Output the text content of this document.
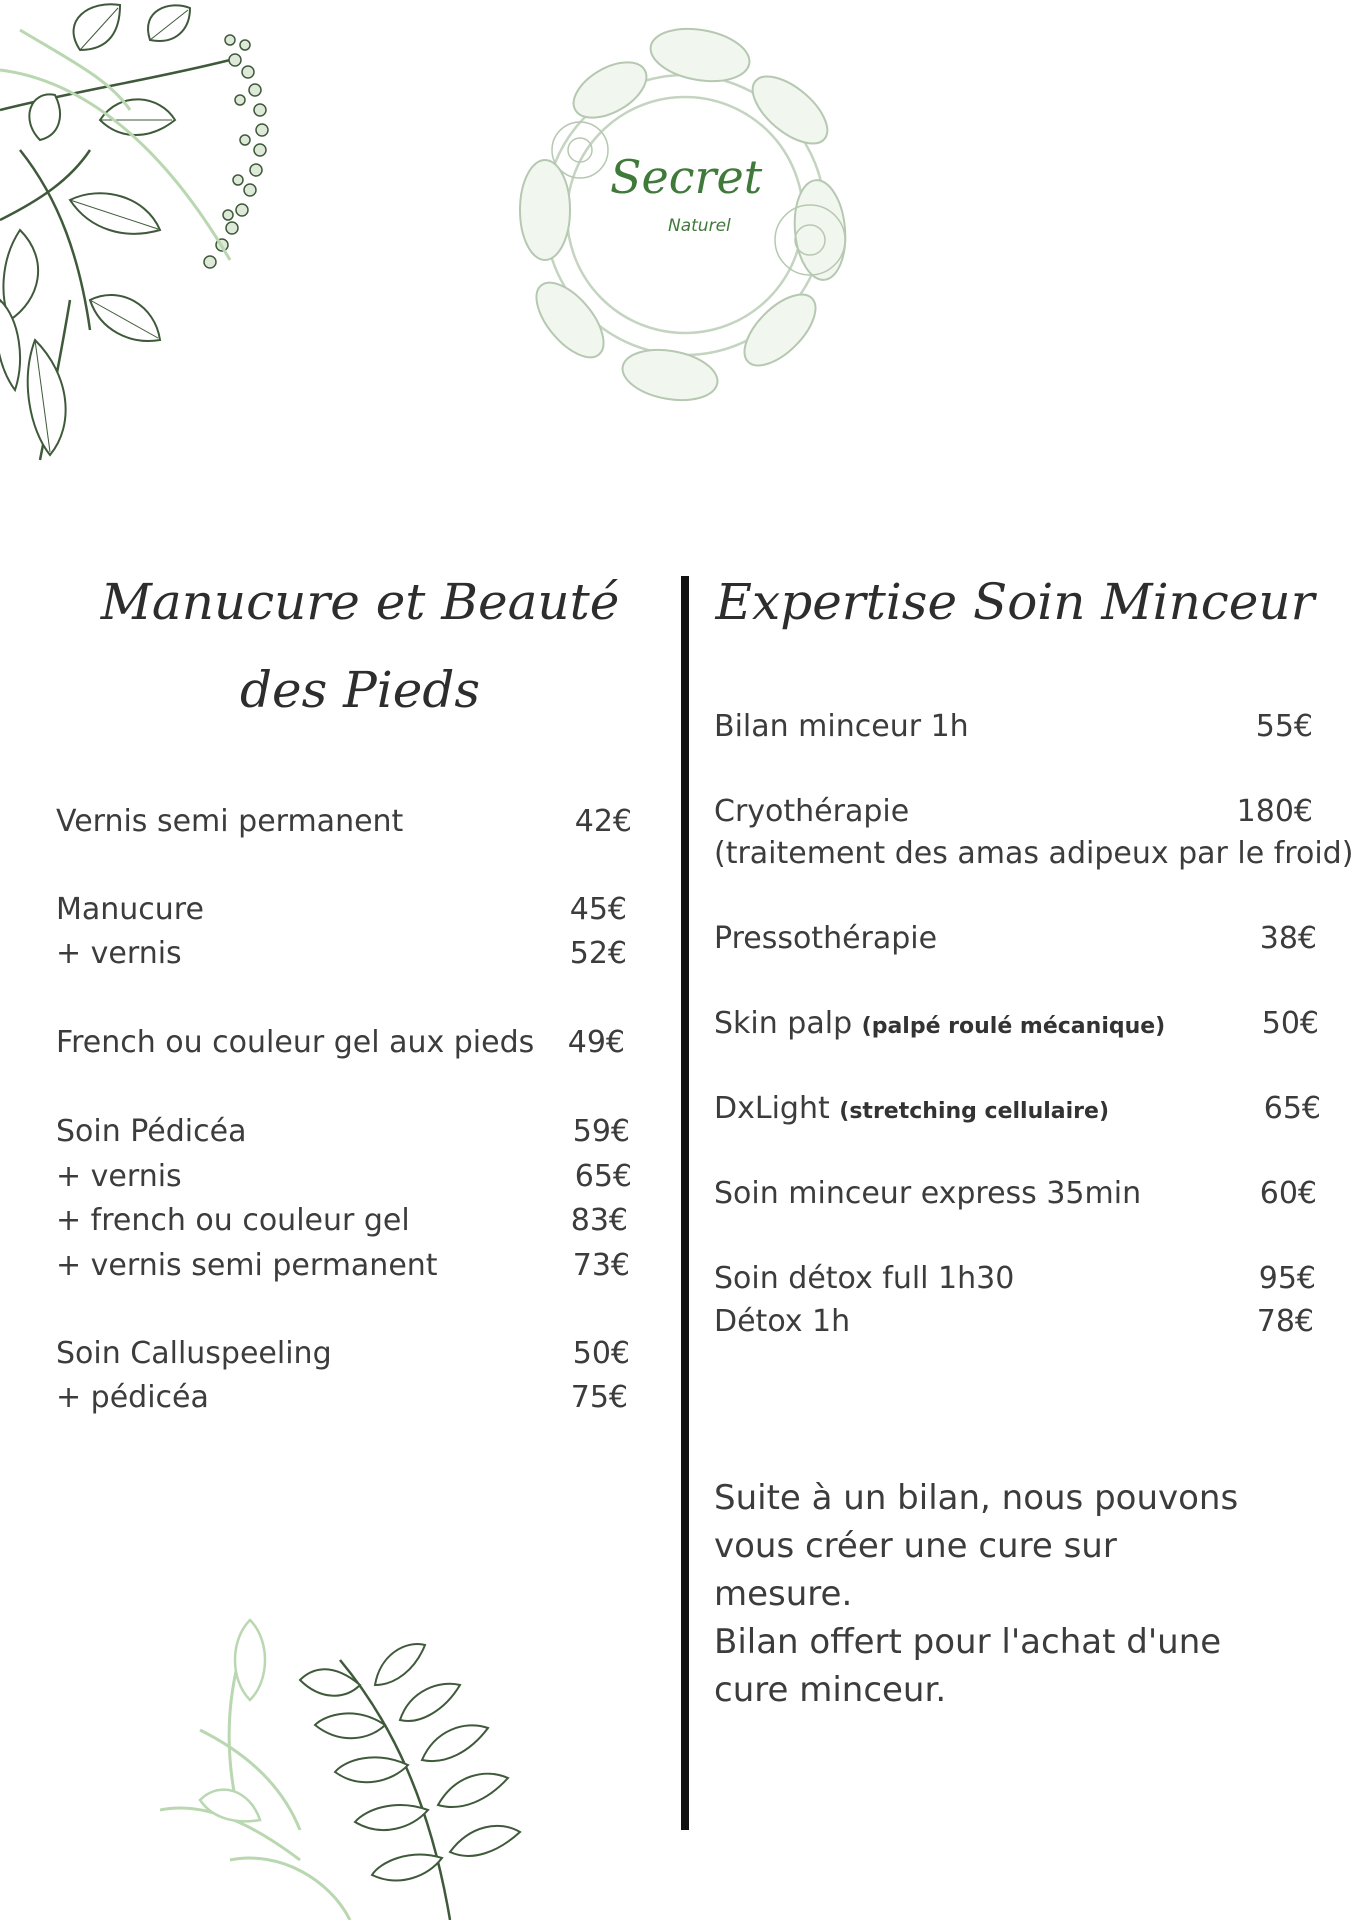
Secret
Naturel
Manucure et Beauté des Pieds
Vernis semi permanent	42€
Manucure	45€
+ vernis	52€
French ou couleur gel aux pieds	49€
Soin Pédicéa	59€
+ vernis	65€
+ french ou couleur gel	83€
+ vernis semi permanent	73€
Soin Calluspeeling	50€
+ pédicéa	75€
Expertise Soin Minceur
Bilan minceur 1h	55€
Cryothérapie	180€
(traitement des amas adipeux par le froid)
Pressothérapie	38€
Skin palp (palpé roulé mécanique)	50€
DxLight (stretching cellulaire)	65€
Soin minceur express 35min	60€
Soin détox full 1h30	95€
Détox 1h	78€
Suite à un bilan, nous pouvons
vous créer une cure sur
mesure.
Bilan offert pour l'achat d'une
cure minceur.
